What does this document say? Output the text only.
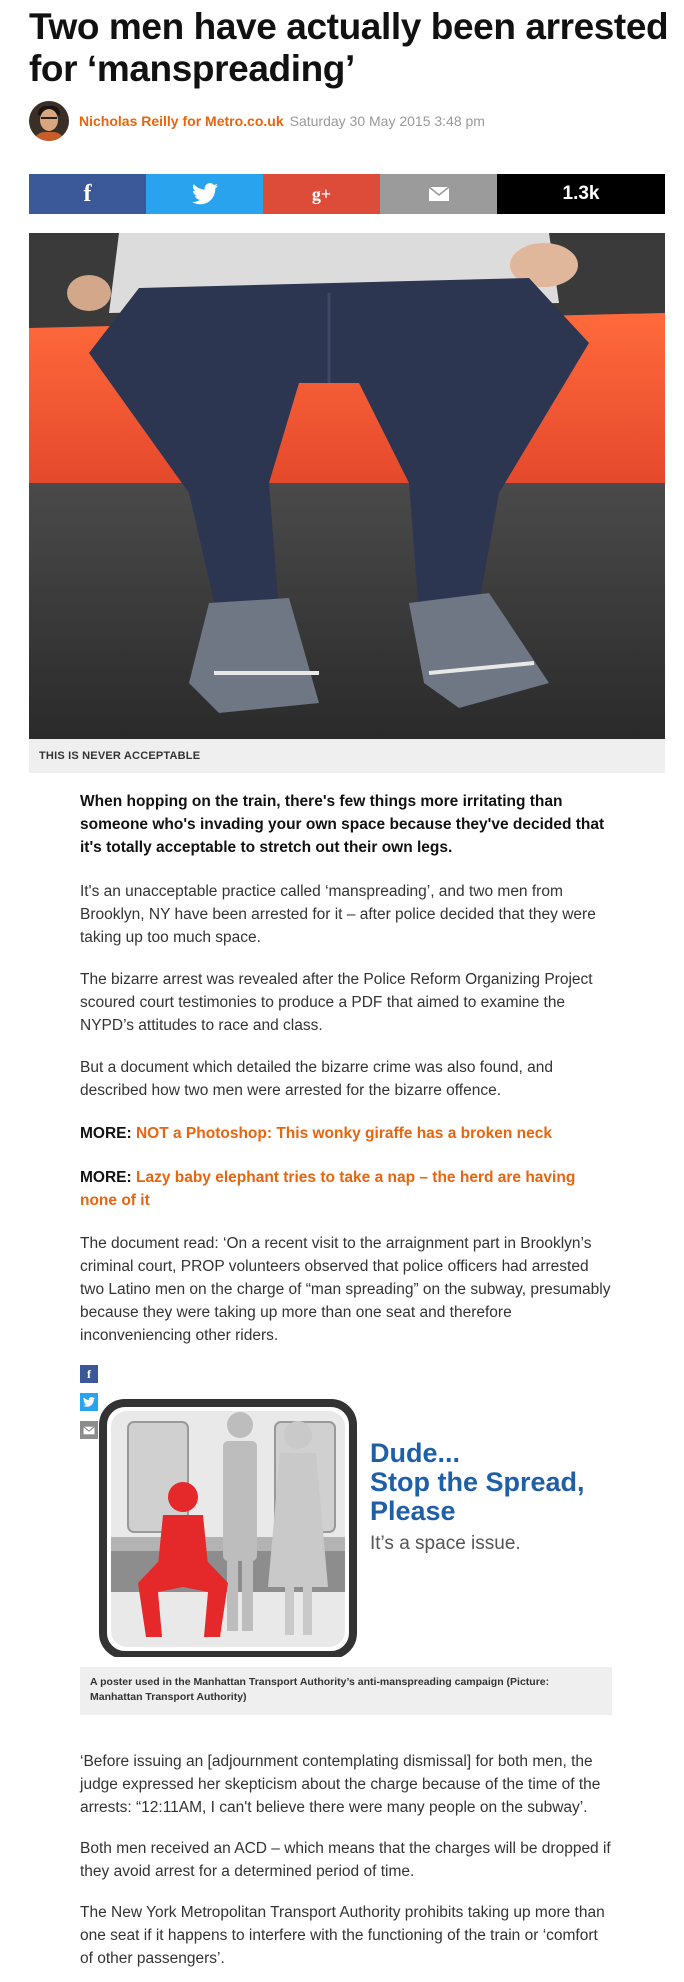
Two men have actually been arrested for ‘manspreading’
Nicholas Reilly for Metro.co.uk Saturday 30 May 2015 3:48 pm
f	g+	1.3k
THIS IS NEVER ACCEPTABLE

When hopping on the train, there's few things more irritating than someone who's invading your own space because they've decided that it's totally acceptable to stretch out their own legs.

It's an unacceptable practice called ‘manspreading’, and two men from Brooklyn, NY have been arrested for it – after police decided that they were taking up too much space.

The bizarre arrest was revealed after the Police Reform Organizing Project scoured court testimonies to produce a PDF that aimed to examine the NYPD’s attitudes to race and class.

But a document which detailed the bizarre crime was also found, and described how two men were arrested for the bizarre offence.

MORE: NOT a Photoshop: This wonky giraffe has a broken neck

MORE: Lazy baby elephant tries to take a nap – the herd are having none of it

The document read: ‘On a recent visit to the arraignment part in Brooklyn’s criminal court, PROP volunteers observed that police officers had arrested two Latino men on the charge of “man spreading” on the subway, presumably because they were taking up more than one seat and therefore inconveniencing other riders.

f
Dude...
Stop the Spread,
Please
It’s a space issue.
A poster used in the Manhattan Transport Authority’s anti-manspreading campaign (Picture: Manhattan Transport Authority)

‘Before issuing an [adjournment contemplating dismissal] for both men, the judge expressed her skepticism about the charge because of the time of the arrests: “12:11AM, I can't believe there were many people on the subway’.

Both men received an ACD – which means that the charges will be dropped if they avoid arrest for a determined period of time.

The New York Metropolitan Transport Authority prohibits taking up more than one seat if it happens to interfere with the functioning of the train or ‘comfort of other passengers’.
